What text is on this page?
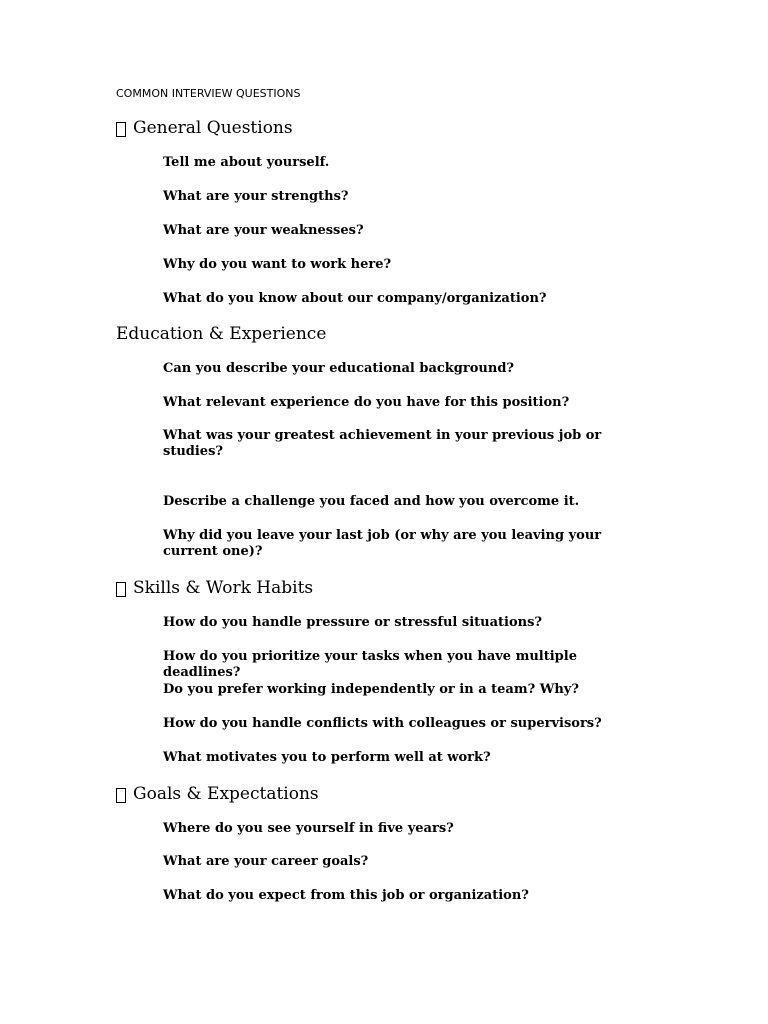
COMMON INTERVIEW QUESTIONS
General Questions
Tell me about yourself.
What are your strengths?
What are your weaknesses?
Why do you want to work here?
What do you know about our company/organization?
Education & Experience
Can you describe your educational background?
What relevant experience do you have for this position?
What was your greatest achievement in your previous job or studies?
Describe a challenge you faced and how you overcome it.
Why did you leave your last job (or why are you leaving your current one)?
Skills & Work Habits
How do you handle pressure or stressful situations?
How do you prioritize your tasks when you have multiple deadlines?
Do you prefer working independently or in a team? Why?
How do you handle conflicts with colleagues or supervisors?
What motivates you to perform well at work?
Goals & Expectations
Where do you see yourself in five years?
What are your career goals?
What do you expect from this job or organization?
